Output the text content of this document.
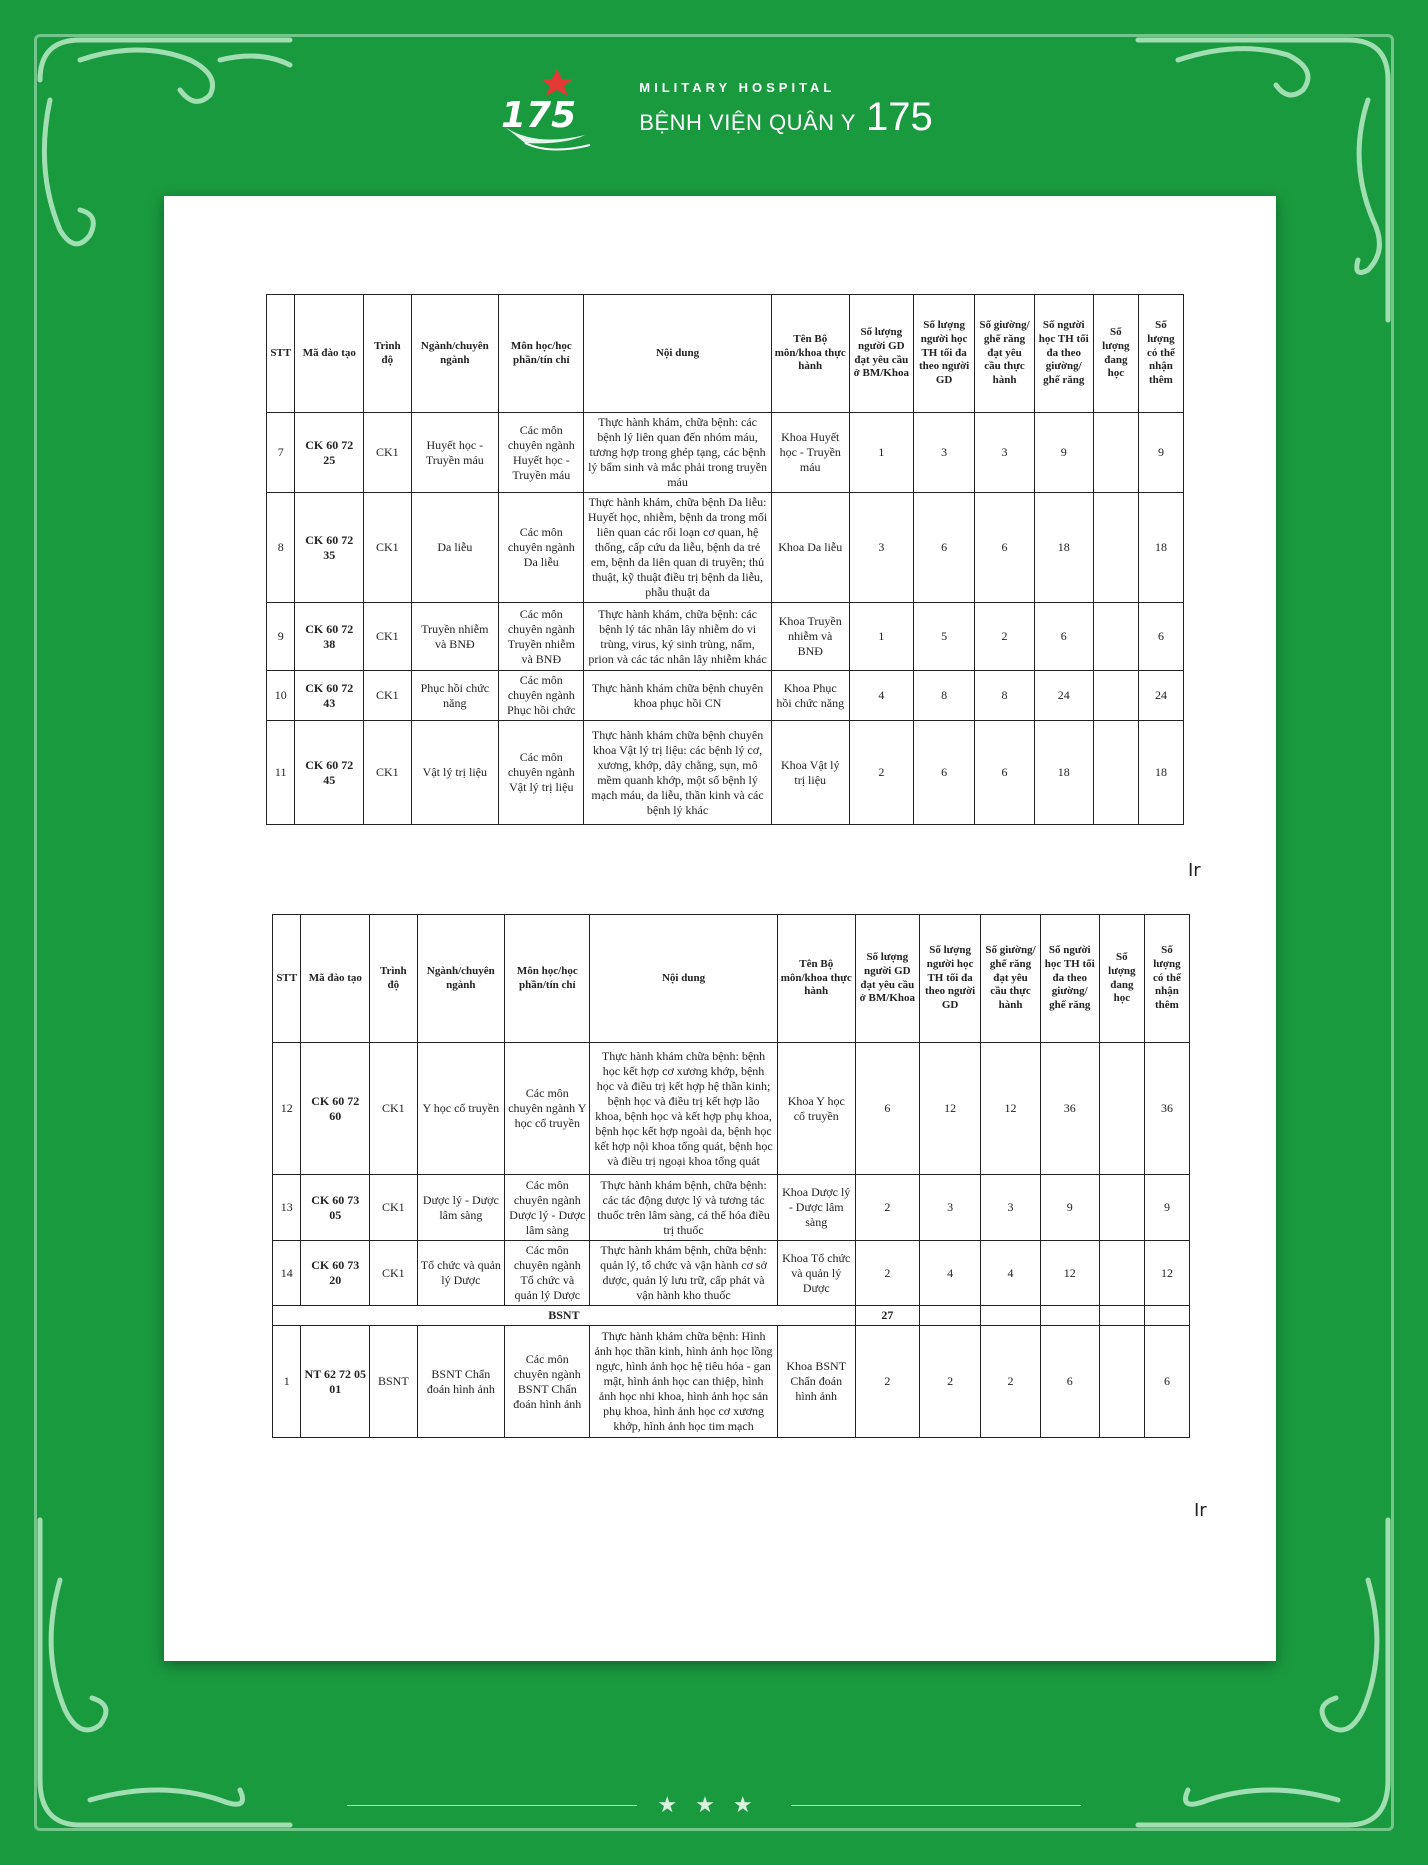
175
MILITARY HOSPITAL
BỆNH VIỆN QUÂN Y 175
STT	Mã đào tạo	Trình độ	Ngành/chuyên ngành	Môn học/học phần/tín chỉ	Nội dung	Tên Bộ môn/khoa thực hành	Số lượng người GD đạt yêu cầu ở BM/Khoa	Số lượng người học TH tối đa theo người GD	Số giường/ ghế răng đạt yêu cầu thực hành	Số người học TH tối đa theo giường/ ghế răng	Số lượng đang học	Số lượng có thể nhận thêm
7	CK 60 72 25	CK1	Huyết học - Truyền máu	Các môn chuyên ngành Huyết học - Truyền máu	Thực hành khám, chữa bệnh: các bệnh lý liên quan đến nhóm máu, tương hợp trong ghép tạng, các bệnh lý bẩm sinh và mắc phải trong truyền máu	Khoa Huyết học - Truyền máu	1	3	3	9		9
8	CK 60 72 35	CK1	Da liễu	Các môn chuyên ngành Da liễu	Thực hành khám, chữa bệnh Da liễu: Huyết học, nhiễm, bệnh da trong mối liên quan các rối loạn cơ quan, hệ thống, cấp cứu da liễu, bệnh da trẻ em, bệnh da liên quan di truyền; thủ thuật, kỹ thuật điều trị bệnh da liễu, phẫu thuật da	Khoa Da liễu	3	6	6	18		18
9	CK 60 72 38	CK1	Truyền nhiễm và BNĐ	Các môn chuyên ngành Truyền nhiễm và BNĐ	Thực hành khám, chữa bệnh: các bệnh lý tác nhân lây nhiễm do vi trùng, virus, ký sinh trùng, nấm, prion và các tác nhân lây nhiễm khác	Khoa Truyền nhiễm và BNĐ	1	5	2	6		6
10	CK 60 72 43	CK1	Phục hồi chức năng	Các môn chuyên ngành Phục hồi chức	Thực hành khám chữa bệnh chuyên khoa phục hồi CN	Khoa Phục hồi chức năng	4	8	8	24		24
11	CK 60 72 45	CK1	Vật lý trị liệu	Các môn chuyên ngành Vật lý trị liệu	Thực hành khám chữa bệnh chuyên khoa Vật lý trị liệu: các bệnh lý cơ, xương, khớp, dây chằng, sụn, mô mềm quanh khớp, một số bệnh lý mạch máu, da liễu, thần kinh và các bệnh lý khác	Khoa Vật lý trị liệu	2	6	6	18		18
Ir
STT	Mã đào tạo	Trình độ	Ngành/chuyên ngành	Môn học/học phần/tín chỉ	Nội dung	Tên Bộ môn/khoa thực hành	Số lượng người GD đạt yêu cầu ở BM/Khoa	Số lượng người học TH tối đa theo người GD	Số giường/ ghế răng đạt yêu cầu thực hành	Số người học TH tối đa theo giường/ ghế răng	Số lượng đang học	Số lượng có thể nhận thêm
12	CK 60 72 60	CK1	Y học cổ truyền	Các môn chuyên ngành Y học cổ truyền	Thực hành khám chữa bệnh: bệnh học kết hợp cơ xương khớp, bệnh học và điều trị kết hợp hệ thần kinh; bệnh học và điều trị kết hợp lão khoa, bệnh học và kết hợp phụ khoa, bệnh học kết hợp ngoài da, bệnh học kết hợp nội khoa tổng quát, bệnh học và điều trị ngoại khoa tổng quát	Khoa Y học cổ truyền	6	12	12	36		36
13	CK 60 73 05	CK1	Dược lý - Dược lâm sàng	Các môn chuyên ngành Dược lý - Dược lâm sàng	Thực hành khám bệnh, chữa bệnh: các tác động dược lý và tương tác thuốc trên lâm sàng, cá thể hóa điều trị thuốc	Khoa Dược lý - Dược lâm sàng	2	3	3	9		9
14	CK 60 73 20	CK1	Tổ chức và quản lý Dược	Các môn chuyên ngành Tổ chức và quản lý Dược	Thực hành khám bệnh, chữa bệnh: quản lý, tổ chức và vận hành cơ sở dược, quản lý lưu trữ, cấp phát và vận hành kho thuốc	Khoa Tổ chức và quản lý Dược	2	4	4	12		12
BSNT							27					
1	NT 62 72 05 01	BSNT	BSNT Chẩn đoán hình ảnh	Các môn chuyên ngành BSNT Chẩn đoán hình ảnh	Thực hành khám chữa bệnh: Hình ảnh học thần kinh, hình ảnh học lồng ngực, hình ảnh học hệ tiêu hóa - gan mật, hình ảnh học can thiệp, hình ảnh học nhi khoa, hình ảnh học sản phụ khoa, hình ảnh học cơ xương khớp, hình ảnh học tim mạch	Khoa BSNT Chẩn đoán hình ảnh	2	2	2	6		6
Ir
★★★
